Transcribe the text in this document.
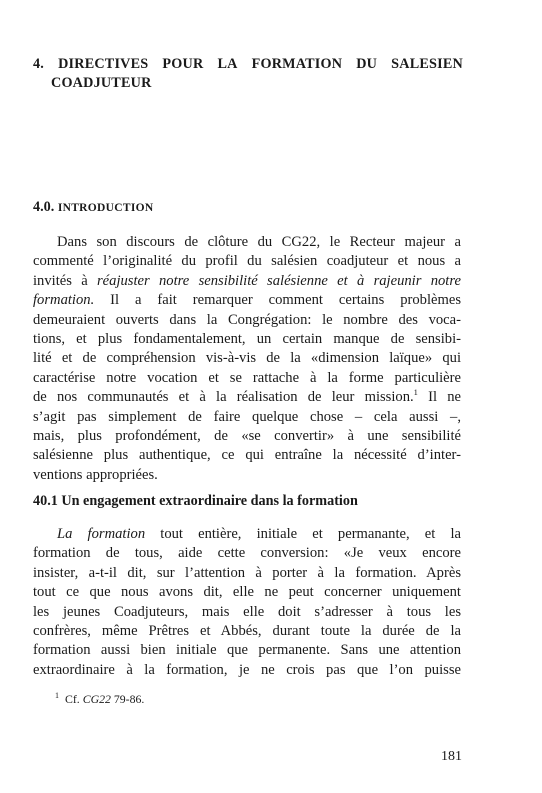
4. DIRECTIVES POUR LA FORMATION DU SALESIEN
COADJUTEUR
4.0. INTRODUCTION
Dans son discours de clôture du CG22, le Recteur majeur a
commenté l’originalité du profil du salésien coadjuteur et nous a
invités à réajuster notre sensibilité salésienne et à rajeunir notre
formation. Il a fait remarquer comment certains problèmes
demeuraient ouverts dans la Congrégation: le nombre des voca-
tions, et plus fondamentalement, un certain manque de sensibi-
lité et de compréhension vis-à-vis de la «dimension laïque» qui
caractérise notre vocation et se rattache à la forme particulière
de nos communautés et à la réalisation de leur mission.$^1$ Il ne
s’agit pas simplement de faire quelque chose – cela aussi –,
mais, plus profondément, de «se convertir» à une sensibilité
salésienne plus authentique, ce qui entraîne la nécessité d’inter-
ventions appropriées.
40.1 Un engagement extraordinaire dans la formation
La formation tout entière, initiale et permanante, et la
formation de tous, aide cette conversion: «Je veux encore
insister, a-t-il dit, sur l’attention à porter à la formation. Après
tout ce que nous avons dit, elle ne peut concerner uniquement
les jeunes Coadjuteurs, mais elle doit s’adresser à tous les
confrères, même Prêtres et Abbés, durant toute la durée de la
formation aussi bien initiale que permanente. Sans une attention
extraordinaire à la formation, je ne crois pas que l’on puisse
$^1$ Cf. CG22 79-86.
181
